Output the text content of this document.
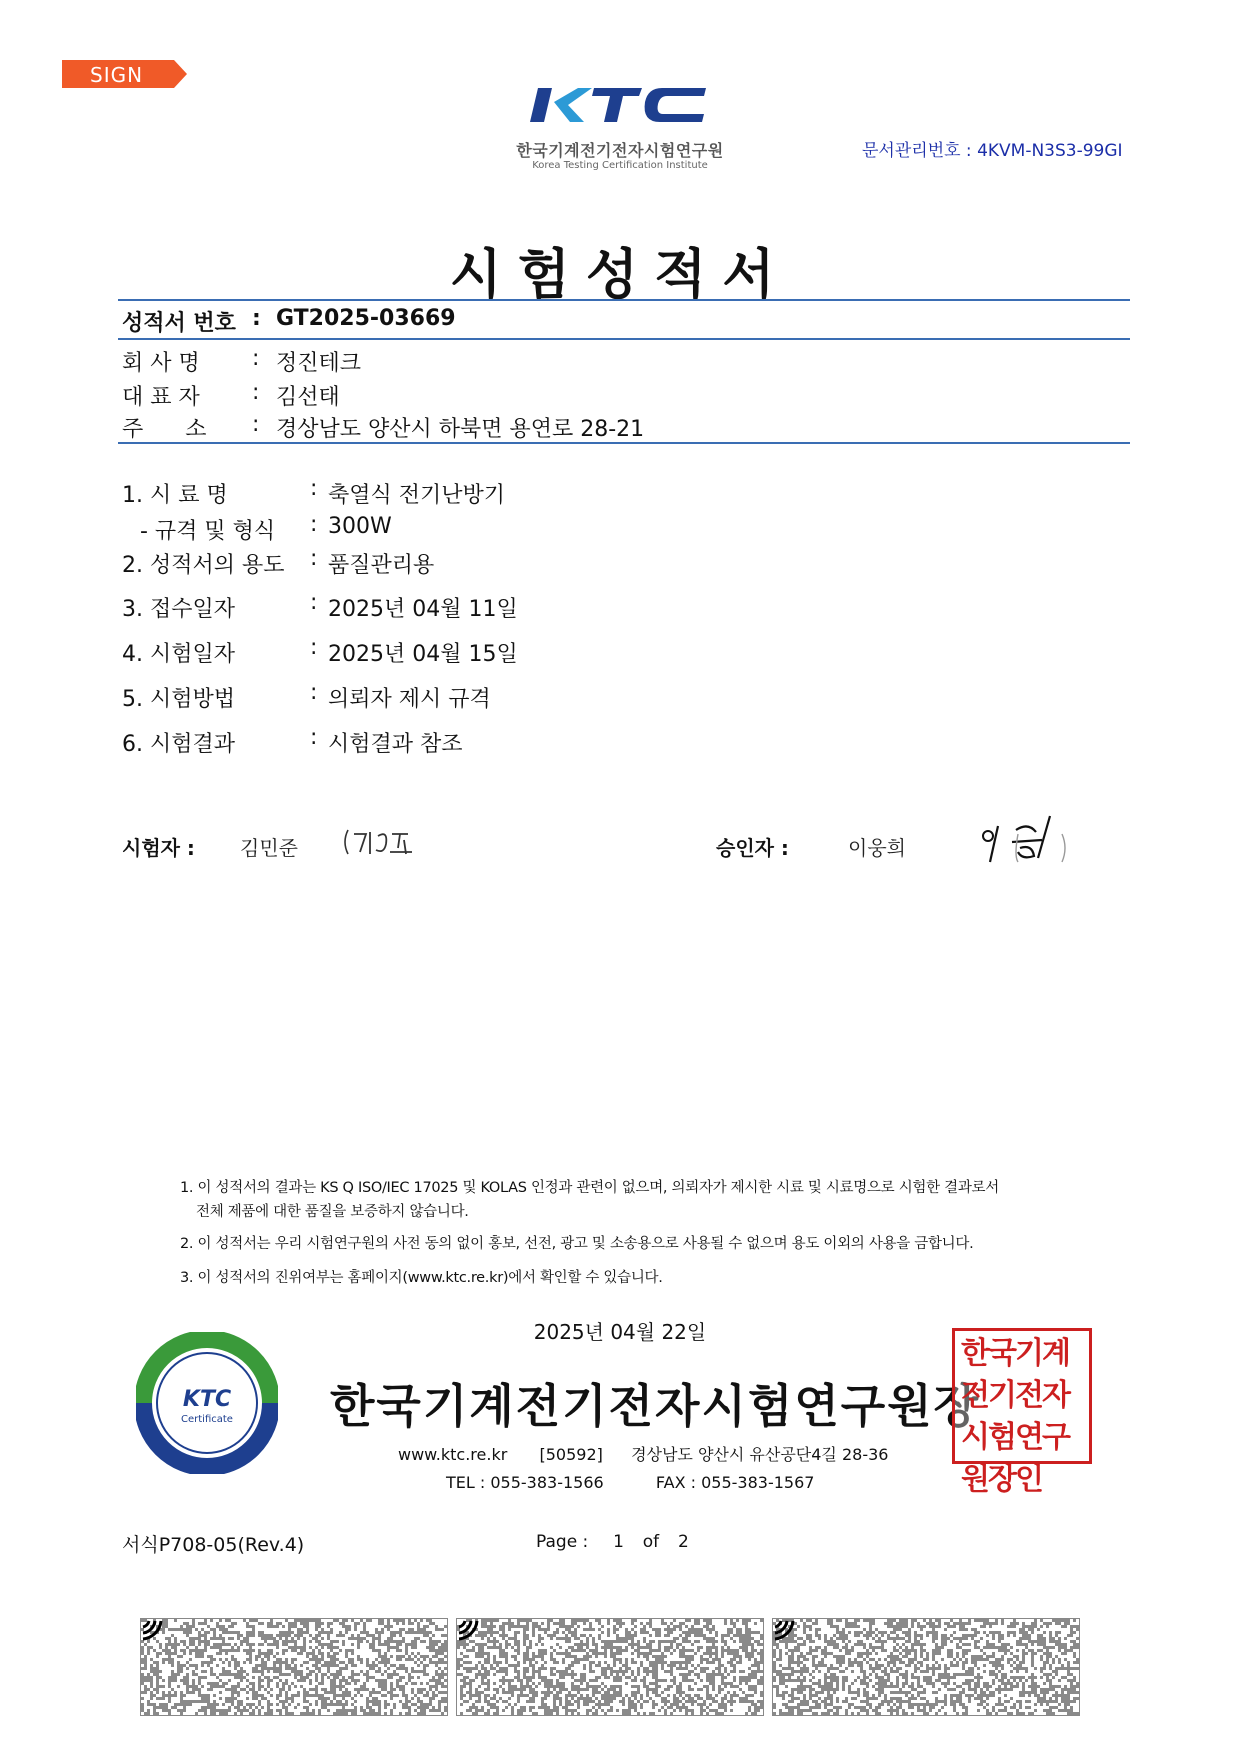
SIGN
한국기계전기전자시험연구원
Korea Testing Certification Institute
문서관리번호 : 4KVM-N3S3-99GI
시험성적서
성적서 번호 : GT2025-03669
회 사 명 : 정진테크
대 표 자 : 김선태
주      소 : 경상남도 양산시 하북면 용연로 28-21
1. 시 료 명	: 축열식 전기난방기
- 규격 및 형식 : 300W
2. 성적서의 용도 : 품질관리용
3. 접수일자	: 2025년 04월 11일
4. 시험일자	: 2025년 04월 15일
5. 시험방법	: 의뢰자 제시 규격
6. 시험결과	: 시험결과 참조
시험자 : 김민준	승인자 :	이웅희
1. 이 성적서의 결과는 KS Q ISO/IEC 17025 및 KOLAS 인정과 관련이 없으며, 의뢰자가 제시한 시료 및 시료명으로 시험한 결과로서
전체 제품에 대한 품질을 보증하지 않습니다.
2. 이 성적서는 우리 시험연구원의 사전 동의 없이 홍보, 선전, 광고 및 소송용으로 사용될 수 없으며 용도 이외의 사용을 금합니다.
3. 이 성적서의 진위여부는 홈페이지(www.ktc.re.kr)에서 확인할 수 있습니다.
2025년 04월 22일
KTC
Certificate 한국기계전기전자시험연구원장
한국기계전기전자시험연구원장인
www.ktc.re.kr [50592] 경상남도 양산시 유산공단4길 28-36
TEL : 055-383-1566	FAX : 055-383-1567
서식P708-05(Rev.4)	Page : 1 of 2
